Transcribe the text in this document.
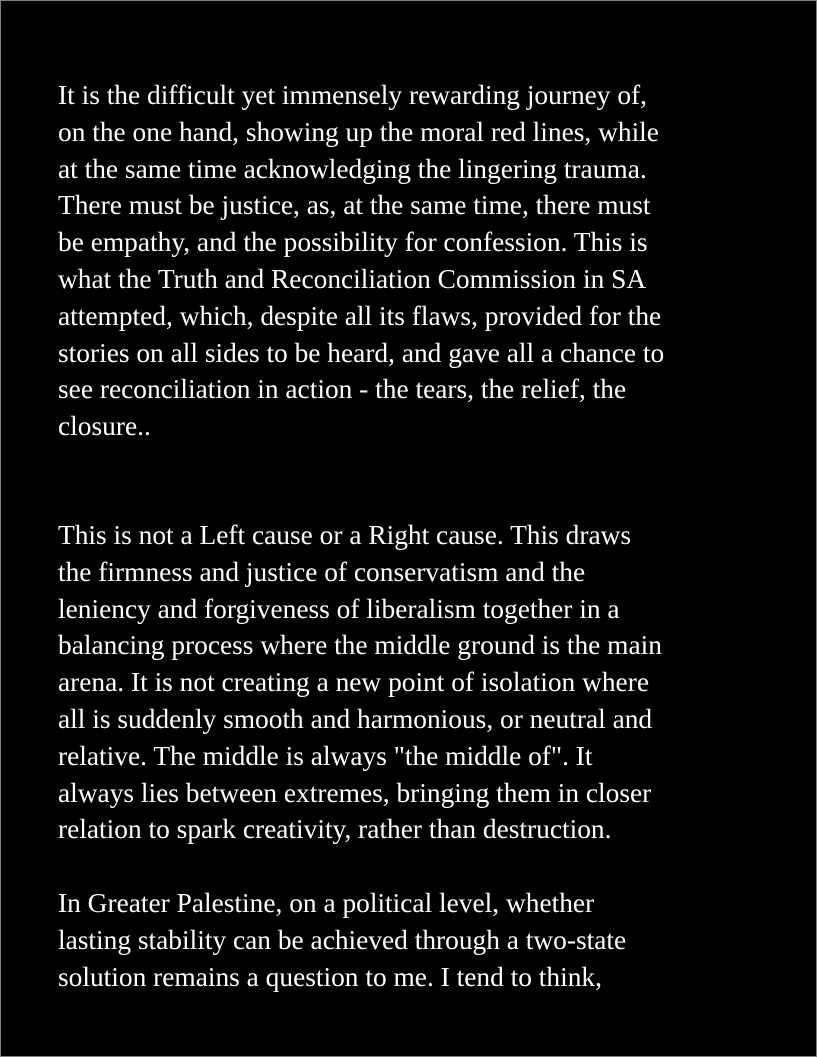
It is the difficult yet immensely rewarding journey of,
on the one hand, showing up the moral red lines, while
at the same time acknowledging the lingering trauma.
There must be justice, as, at the same time, there must
be empathy, and the possibility for confession. This is
what the Truth and Reconciliation Commission in SA
attempted, which, despite all its flaws, provided for the
stories on all sides to be heard, and gave all a chance to
see reconciliation in action - the tears, the relief, the
closure..
This is not a Left cause or a Right cause. This draws
the firmness and justice of conservatism and the
leniency and forgiveness of liberalism together in a
balancing process where the middle ground is the main
arena. It is not creating a new point of isolation where
all is suddenly smooth and harmonious, or neutral and
relative. The middle is always "the middle of". It
always lies between extremes, bringing them in closer
relation to spark creativity, rather than destruction.
In Greater Palestine, on a political level, whether
lasting stability can be achieved through a two-state
solution remains a question to me. I tend to think,
